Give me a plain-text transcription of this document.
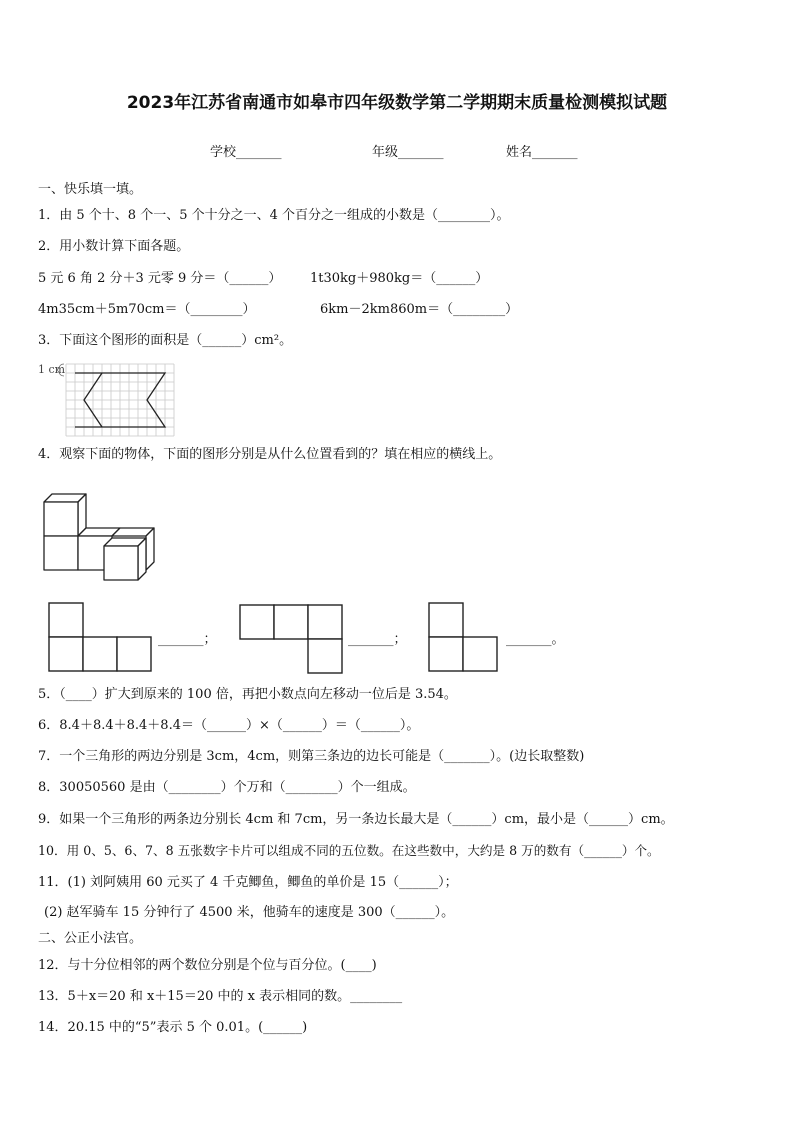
2023年江苏省南通市如皋市四年级数学第二学期期末质量检测模拟试题
学校_______	年级_______	姓名_______
一、快乐填一填。
1．由 5 个十、8 个一、5 个十分之一、4 个百分之一组成的小数是（________）。
2．用小数计算下面各题。
5 元 6 角 2 分＋3 元零 9 分＝（______） 1t30kg＋980kg＝（______）
4m35cm＋5m70cm＝（________）	6km－2km860m＝（________）
3．下面这个图形的面积是（______）cm²。
1 cm
4．观察下面的物体，下面的图形分别是从什么位置看到的？填在相应的横线上。
_______；	_______；	_______。
5．（____）扩大到原来的 100 倍，再把小数点向左移动一位后是 3.54。
6．8.4＋8.4＋8.4＋8.4＝（______）×（______）＝（______）。
7．一个三角形的两边分别是 3cm，4cm，则第三条边的边长可能是（_______）。(边长取整数)
8．30050560 是由（________）个万和（________）个一组成。
9．如果一个三角形的两条边分别长 4cm 和 7cm，另一条边长最大是（______）cm，最小是（______）cm。
10．用 0、5、6、7、8 五张数字卡片可以组成不同的五位数。在这些数中，大约是 8 万的数有（______）个。
11．(1) 刘阿姨用 60 元买了 4 千克鲫鱼，鲫鱼的单价是 15（______）；
(2) 赵军骑车 15 分钟行了 4500 米，他骑车的速度是 300（______）。
二、公正小法官。
12．与十分位相邻的两个数位分别是个位与百分位。(____)
13．5＋x＝20 和 x＋15＝20 中的 x 表示相同的数。________
14．20.15 中的“5”表示 5 个 0.01。(______)
